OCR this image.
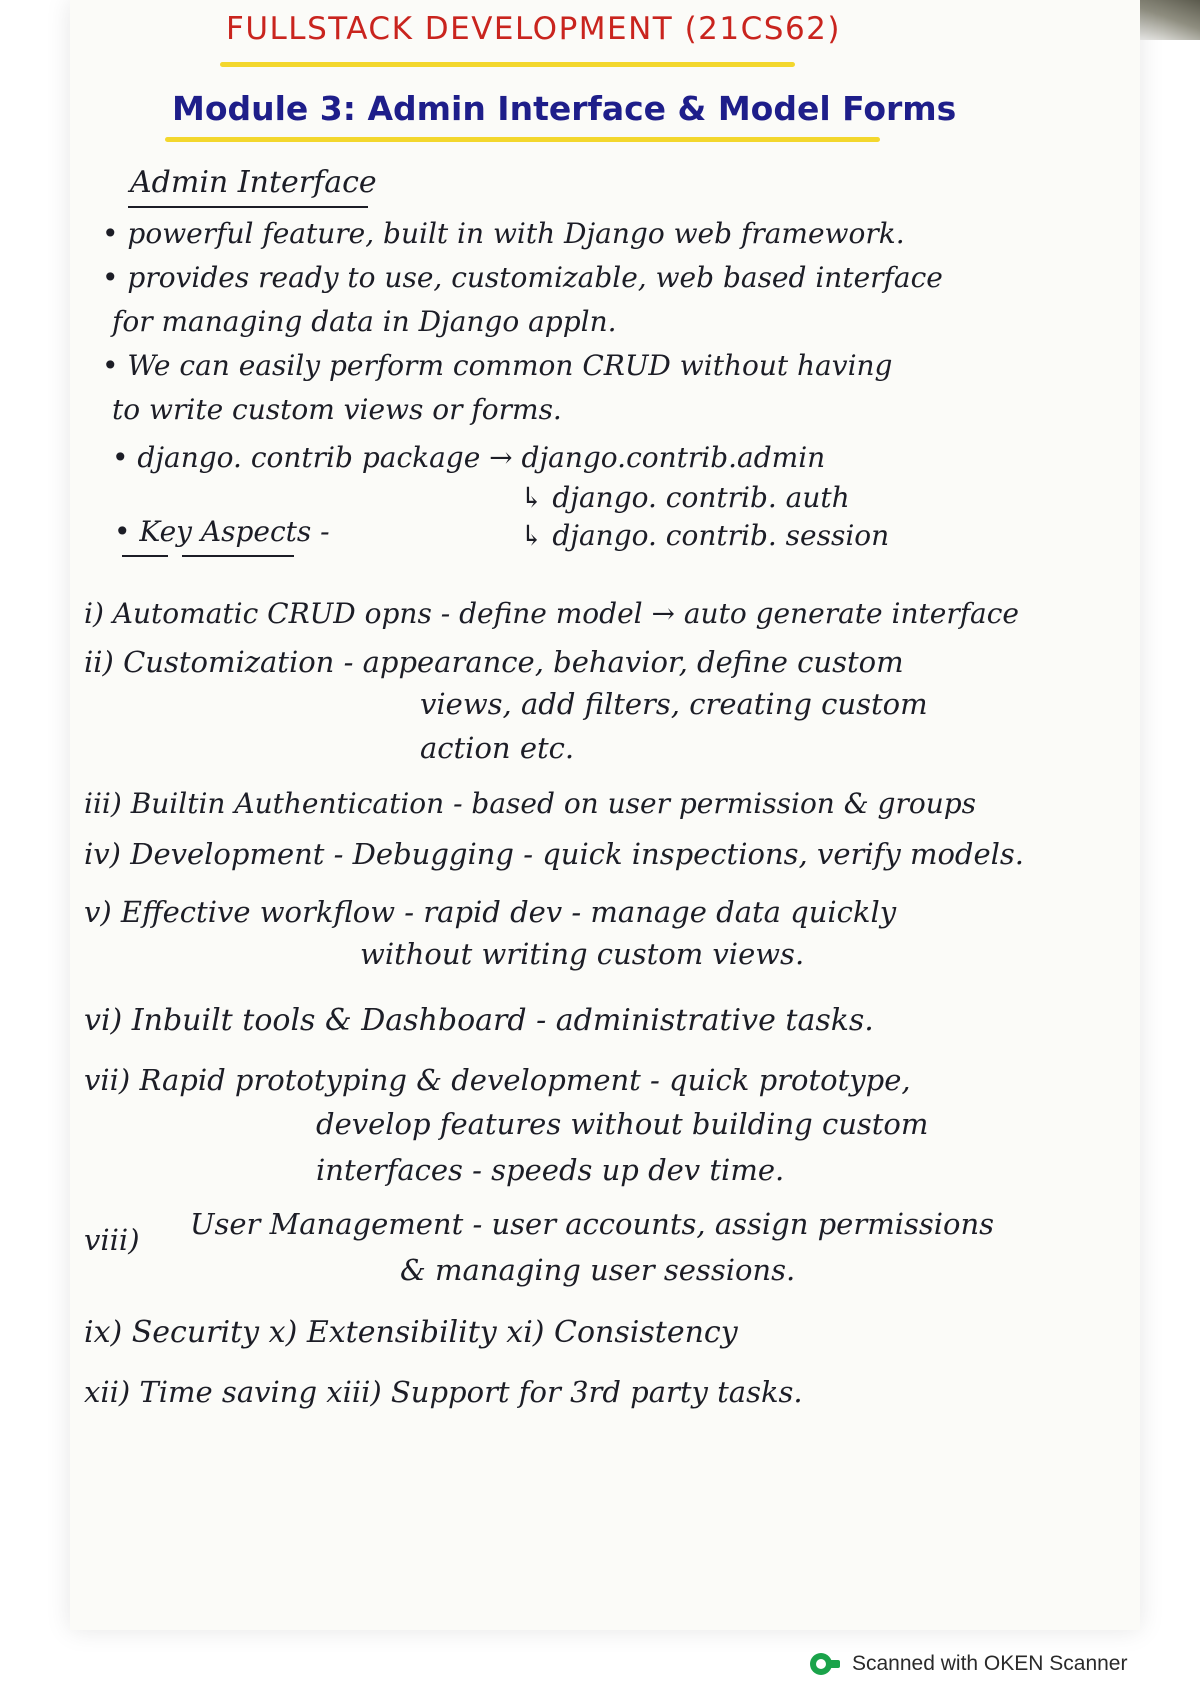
FULLSTACK DEVELOPMENT (21CS62)
Module 3: Admin Interface & Model Forms
Admin Interface
• powerful feature, built in with Django web framework.
• provides ready to use, customizable, web based interface
for managing data in Django appln.
• We can easily perform common CRUD without having
to write custom views or forms.
• django. contrib package → django.contrib.admin
↳ django. contrib. auth
↳ django. contrib. session
• Key Aspects -
i) Automatic CRUD opns - define model → auto generate interface
ii) Customization - appearance, behavior, define custom
views, add filters, creating custom
action etc.
iii) Builtin Authentication - based on user permission & groups
iv) Development - Debugging - quick inspections, verify models.
v) Effective workflow - rapid dev - manage data quickly
without writing custom views.
vi) Inbuilt tools & Dashboard - administrative tasks.
vii) Rapid prototyping & development - quick prototype,
develop features without building custom
interfaces - speeds up dev time.
viii) User Management - user accounts, assign permissions
& managing user sessions.
ix) Security x) Extensibility xi) Consistency
xii) Time saving xiii) Support for 3rd party tasks.
Scanned with OKEN Scanner
